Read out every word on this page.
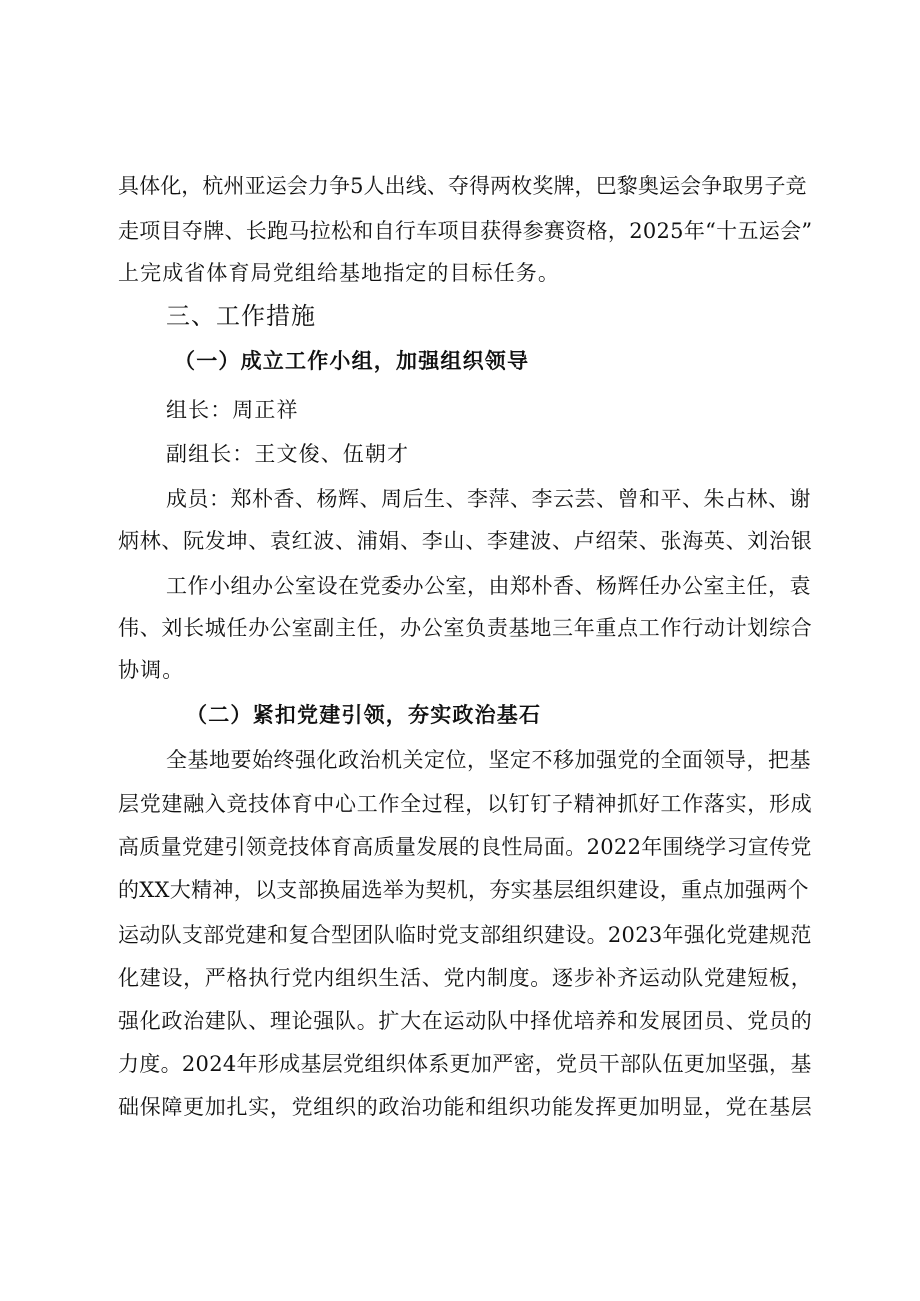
具体化，杭州亚运会力争5人出线、夺得两枚奖牌，巴黎奥运会争取男子竞
走项目夺牌、长跑马拉松和自行车项目获得参赛资格，2025年“十五运会”
上完成省体育局党组给基地指定的目标任务。
三、工作措施
（一）成立工作小组，加强组织领导
组长：周正祥
副组长：王文俊、伍朝才
成员：郑朴香、杨辉、周后生、李萍、李云芸、曾和平、朱占林、谢
炳林、阮发坤、袁红波、浦娟、李山、李建波、卢绍荣、张海英、刘治银
工作小组办公室设在党委办公室，由郑朴香、杨辉任办公室主任，袁
伟、刘长城任办公室副主任，办公室负责基地三年重点工作行动计划综合
协调。
（二）紧扣党建引领，夯实政治基石
全基地要始终强化政治机关定位，坚定不移加强党的全面领导，把基
层党建融入竞技体育中心工作全过程，以钉钉子精神抓好工作落实，形成
高质量党建引领竞技体育高质量发展的良性局面。2022年围绕学习宣传党
的XX大精神，以支部换届选举为契机，夯实基层组织建设，重点加强两个
运动队支部党建和复合型团队临时党支部组织建设。2023年强化党建规范
化建设，严格执行党内组织生活、党内制度。逐步补齐运动队党建短板，
强化政治建队、理论强队。扩大在运动队中择优培养和发展团员、党员的
力度。2024年形成基层党组织体系更加严密，党员干部队伍更加坚强，基
础保障更加扎实，党组织的政治功能和组织功能发挥更加明显，党在基层
